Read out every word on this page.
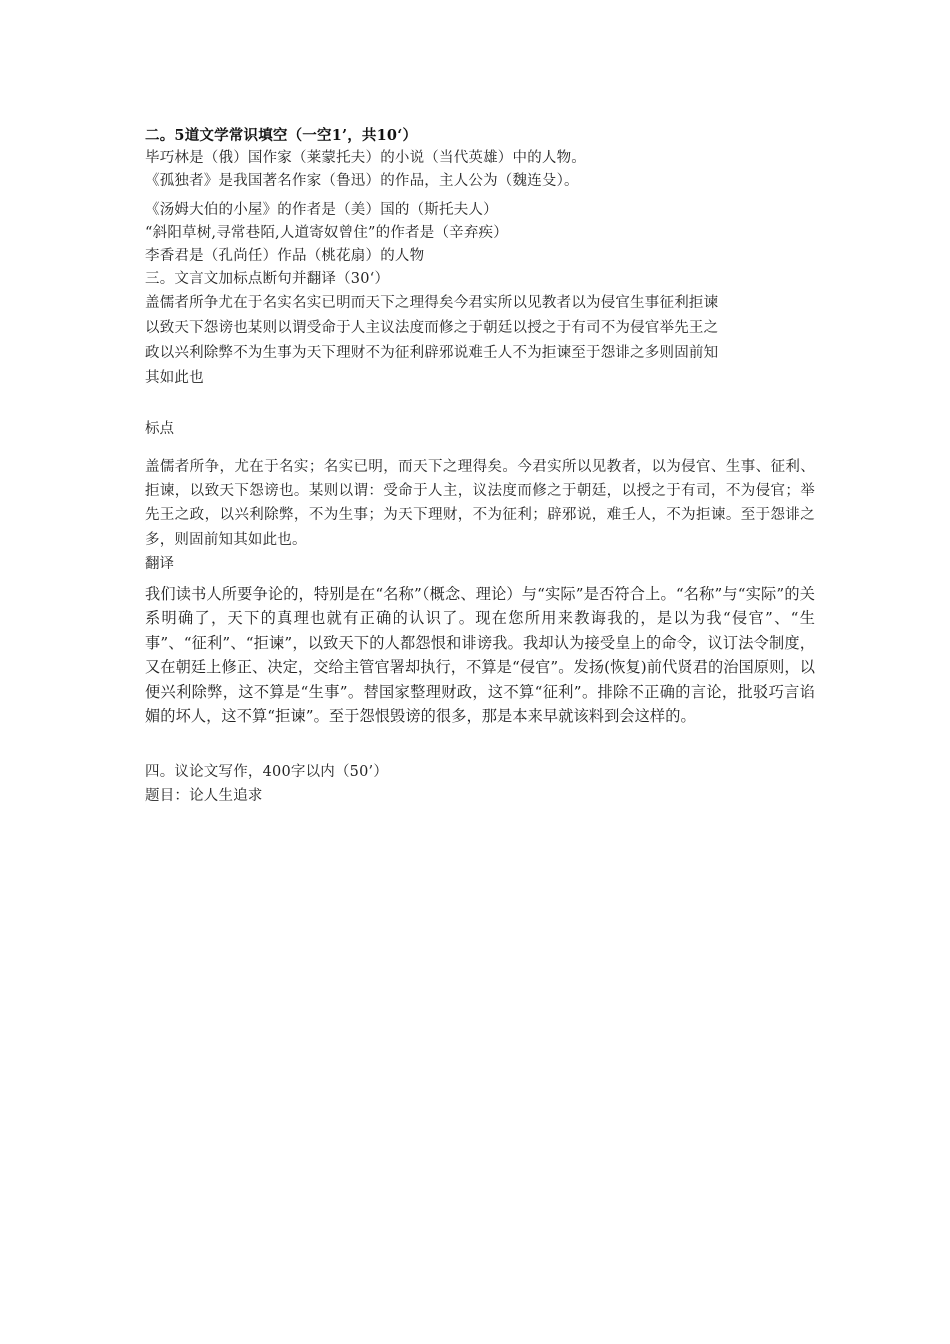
二。5道文学常识填空（一空1’，共10‘）
毕巧林是（俄）国作家（莱蒙托夫）的小说（当代英雄）中的人物。
《孤独者》是我国著名作家（鲁迅）的作品，主人公为（魏连殳）。
《汤姆大伯的小屋》的作者是（美）国的（斯托夫人）
“斜阳草树,寻常巷陌,人道寄奴曾住”的作者是（辛弃疾）
李香君是（孔尚任）作品（桃花扇）的人物
三。文言文加标点断句并翻译（30‘）
盖儒者所争尤在于名实名实已明而天下之理得矣今君实所以见教者以为侵官生事征利拒谏
以致天下怨谤也某则以谓受命于人主议法度而修之于朝廷以授之于有司不为侵官举先王之
政以兴利除弊不为生事为天下理财不为征利辟邪说难壬人不为拒谏至于怨诽之多则固前知
其如此也
标点
盖儒者所争，尤在于名实；名实已明，而天下之理得矣。今君实所以见教者，以为侵官、生事、征利、拒谏，以致天下怨谤也。某则以谓：受命于人主，议法度而修之于朝廷，以授之于有司，不为侵官；举先王之政，以兴利除弊，不为生事；为天下理财，不为征利；辟邪说，难壬人，不为拒谏。至于怨诽之多，则固前知其如此也。
翻译
我们读书人所要争论的，特别是在“名称”（概念、理论）与“实际”是否符合上。“名称”与“实际”的关系明确了，天下的真理也就有正确的认识了。现在您所用来教诲我的，是以为我“侵官”、“生事”、“征利”、“拒谏”，以致天下的人都怨恨和诽谤我。我却认为接受皇上的命令，议订法令制度，又在朝廷上修正、决定，交给主管官署却执行，不算是“侵官”。发扬(恢复)前代贤君的治国原则，以便兴利除弊，这不算是“生事”。替国家整理财政，这不算“征利”。排除不正确的言论，批驳巧言谄媚的坏人，这不算“拒谏”。至于怨恨毁谤的很多，那是本来早就该料到会这样的。
四。议论文写作，400字以内（50’）
题目：论人生追求
